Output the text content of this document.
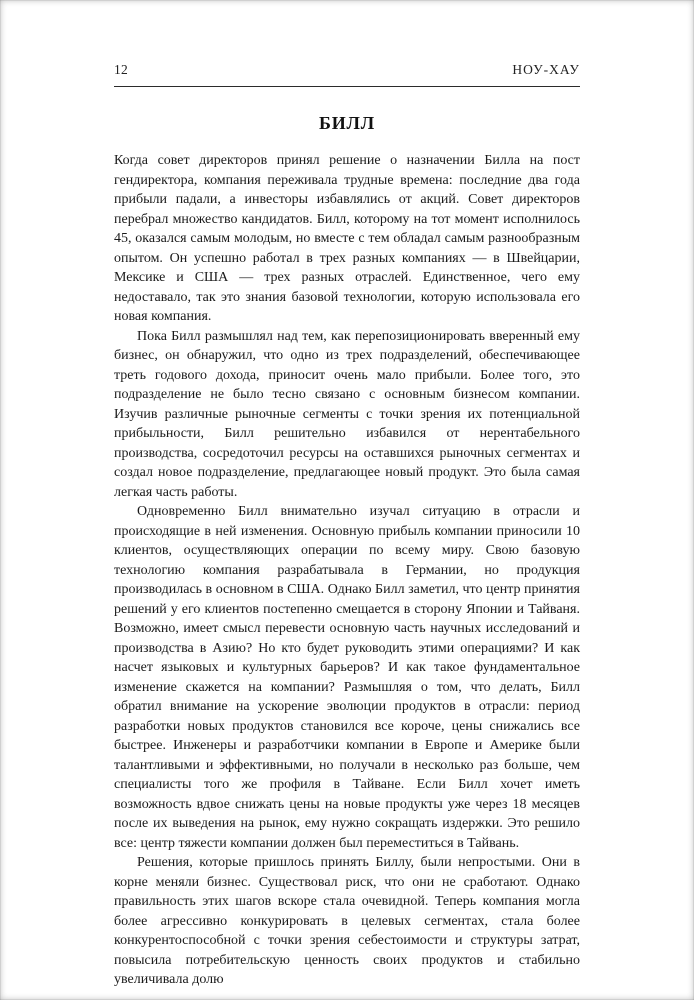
12	НОУ-ХАУ
БИЛЛ

Когда совет директоров принял решение о назначении Билла на пост гендиректора, компания переживала трудные времена: последние два года прибыли падали, а инвесторы избавлялись от акций. Совет директоров перебрал множество кандидатов. Билл, которому на тот момент исполнилось 45, оказался самым молодым, но вместе с тем обладал самым разнообразным опытом. Он успешно работал в трех разных компаниях — в Швейцарии, Мексике и США — трех разных отраслей. Единственное, чего ему недоставало, так это знания базовой технологии, которую использовала его новая компания.

Пока Билл размышлял над тем, как перепозиционировать вверенный ему бизнес, он обнаружил, что одно из трех подразделений, обеспечивающее треть годового дохода, приносит очень мало прибыли. Более того, это подразделение не было тесно связано с основным бизнесом компании. Изучив различные рыночные сегменты с точки зрения их потенциальной прибыльности, Билл решительно избавился от нерентабельного производства, сосредоточил ресурсы на оставшихся рыночных сегментах и создал новое подразделение, предлагающее новый продукт. Это была самая легкая часть работы.

Одновременно Билл внимательно изучал ситуацию в отрасли и происходящие в ней изменения. Основную прибыль компании приносили 10 клиентов, осуществляющих операции по всему миру. Свою базовую технологию компания разрабатывала в Германии, но продукция производилась в основном в США. Однако Билл заметил, что центр принятия решений у его клиентов постепенно смещается в сторону Японии и Тайваня. Возможно, имеет смысл перевести основную часть научных исследований и производства в Азию? Но кто будет руководить этими операциями? И как насчет языковых и культурных барьеров? И как такое фундаментальное изменение скажется на компании? Размышляя о том, что делать, Билл обратил внимание на ускорение эволюции продуктов в отрасли: период разработки новых продуктов становился все короче, цены снижались все быстрее. Инженеры и разработчики компании в Европе и Америке были талантливыми и эффективными, но получали в несколько раз больше, чем специалисты того же профиля в Тайване. Если Билл хочет иметь возможность вдвое снижать цены на новые продукты уже через 18 месяцев после их выведения на рынок, ему нужно сокращать издержки. Это решило все: центр тяжести компании должен был переместиться в Тайвань.

Решения, которые пришлось принять Биллу, были непростыми. Они в корне меняли бизнес. Существовал риск, что они не сработают. Однако правильность этих шагов вскоре стала очевидной. Теперь компания могла более агрессивно конкурировать в целевых сегментах, стала более конкурентоспособной с точки зрения себестоимости и структуры затрат, повысила потребительскую ценность своих продуктов и стабильно увеличивала долю
